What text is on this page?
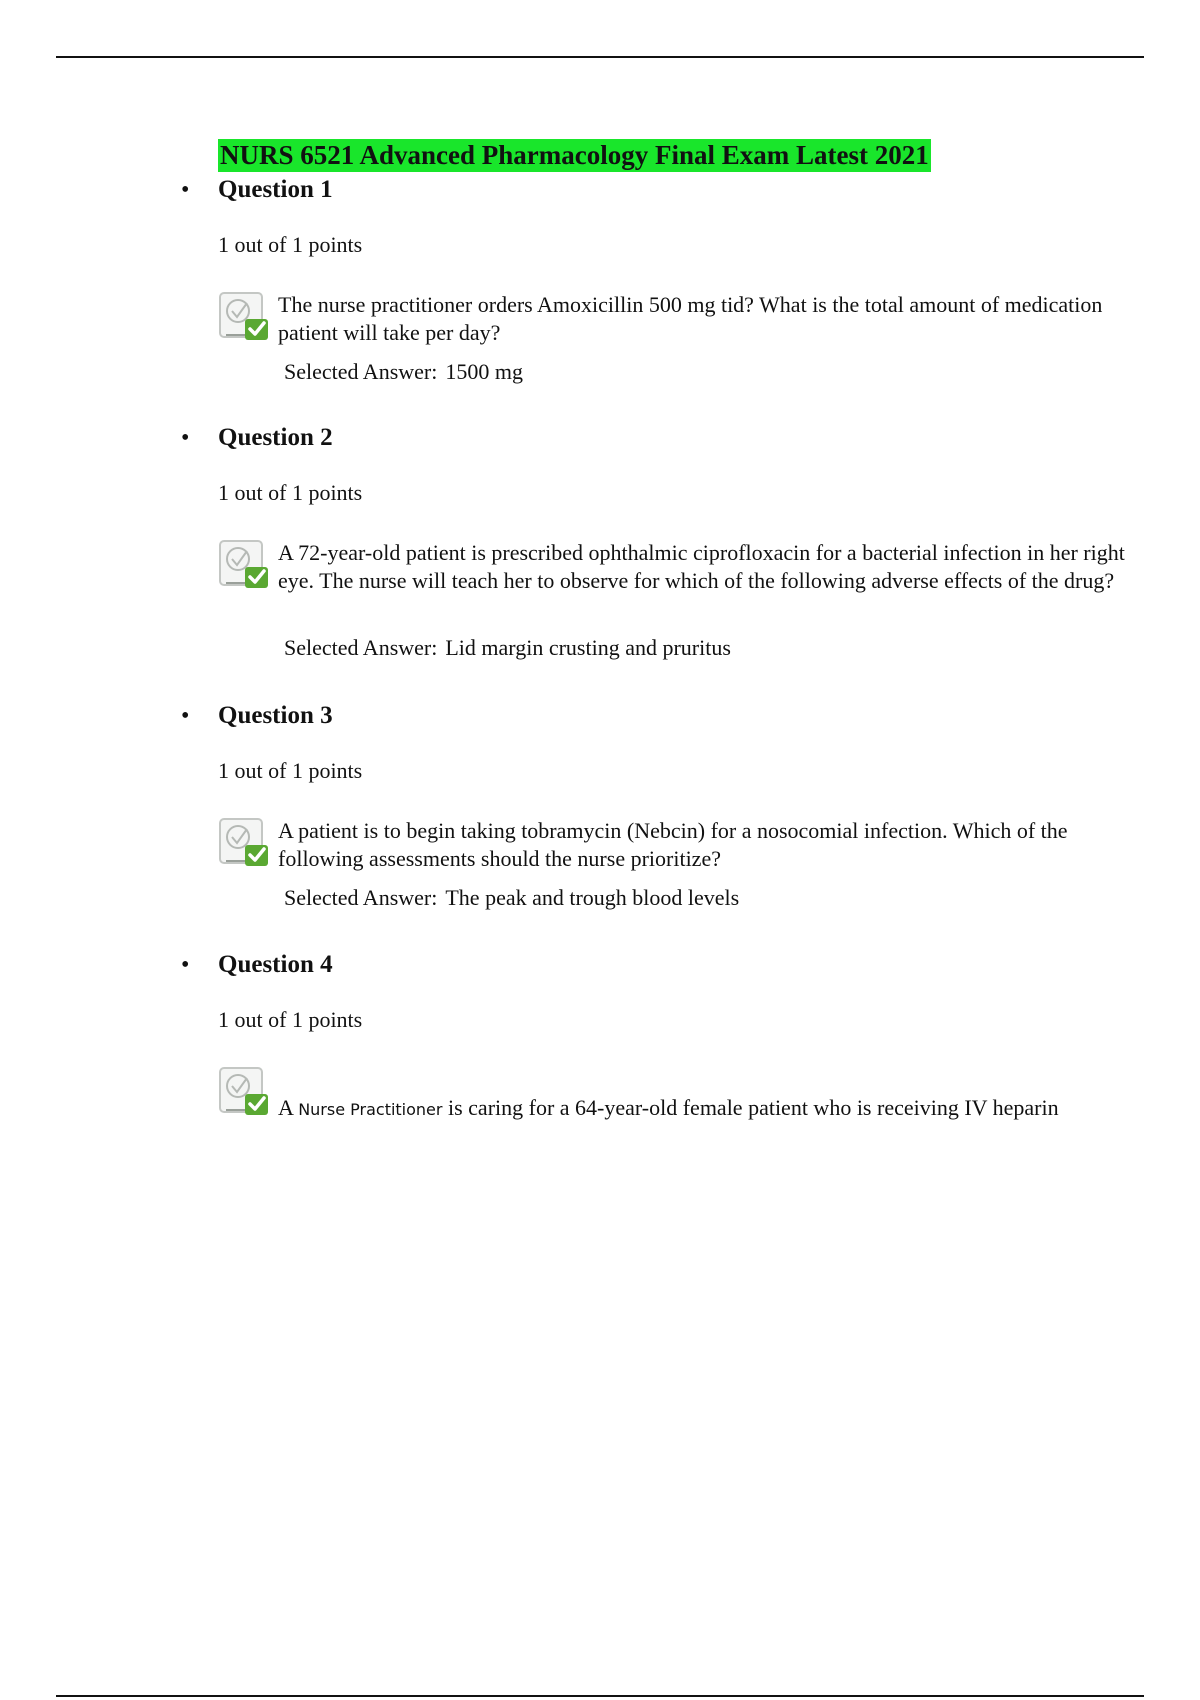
NURS 6521 Advanced Pharmacology Final Exam Latest 2021
• Question 1
1 out of 1 points
The nurse practitioner orders Amoxicillin 500 mg tid? What is the total amount of medication patient will take per day?
Selected Answer: 1500 mg
• Question 2
1 out of 1 points
A 72-year-old patient is prescribed ophthalmic ciprofloxacin for a bacterial infection in her right eye. The nurse will teach her to observe for which of the following adverse effects of the drug?
Selected Answer: Lid margin crusting and pruritus
• Question 3
1 out of 1 points
A patient is to begin taking tobramycin (Nebcin) for a nosocomial infection. Which of the following assessments should the nurse prioritize?
Selected Answer: The peak and trough blood levels
• Question 4
1 out of 1 points
A Nurse Practitioner is caring for a 64-year-old female patient who is receiving IV heparin
